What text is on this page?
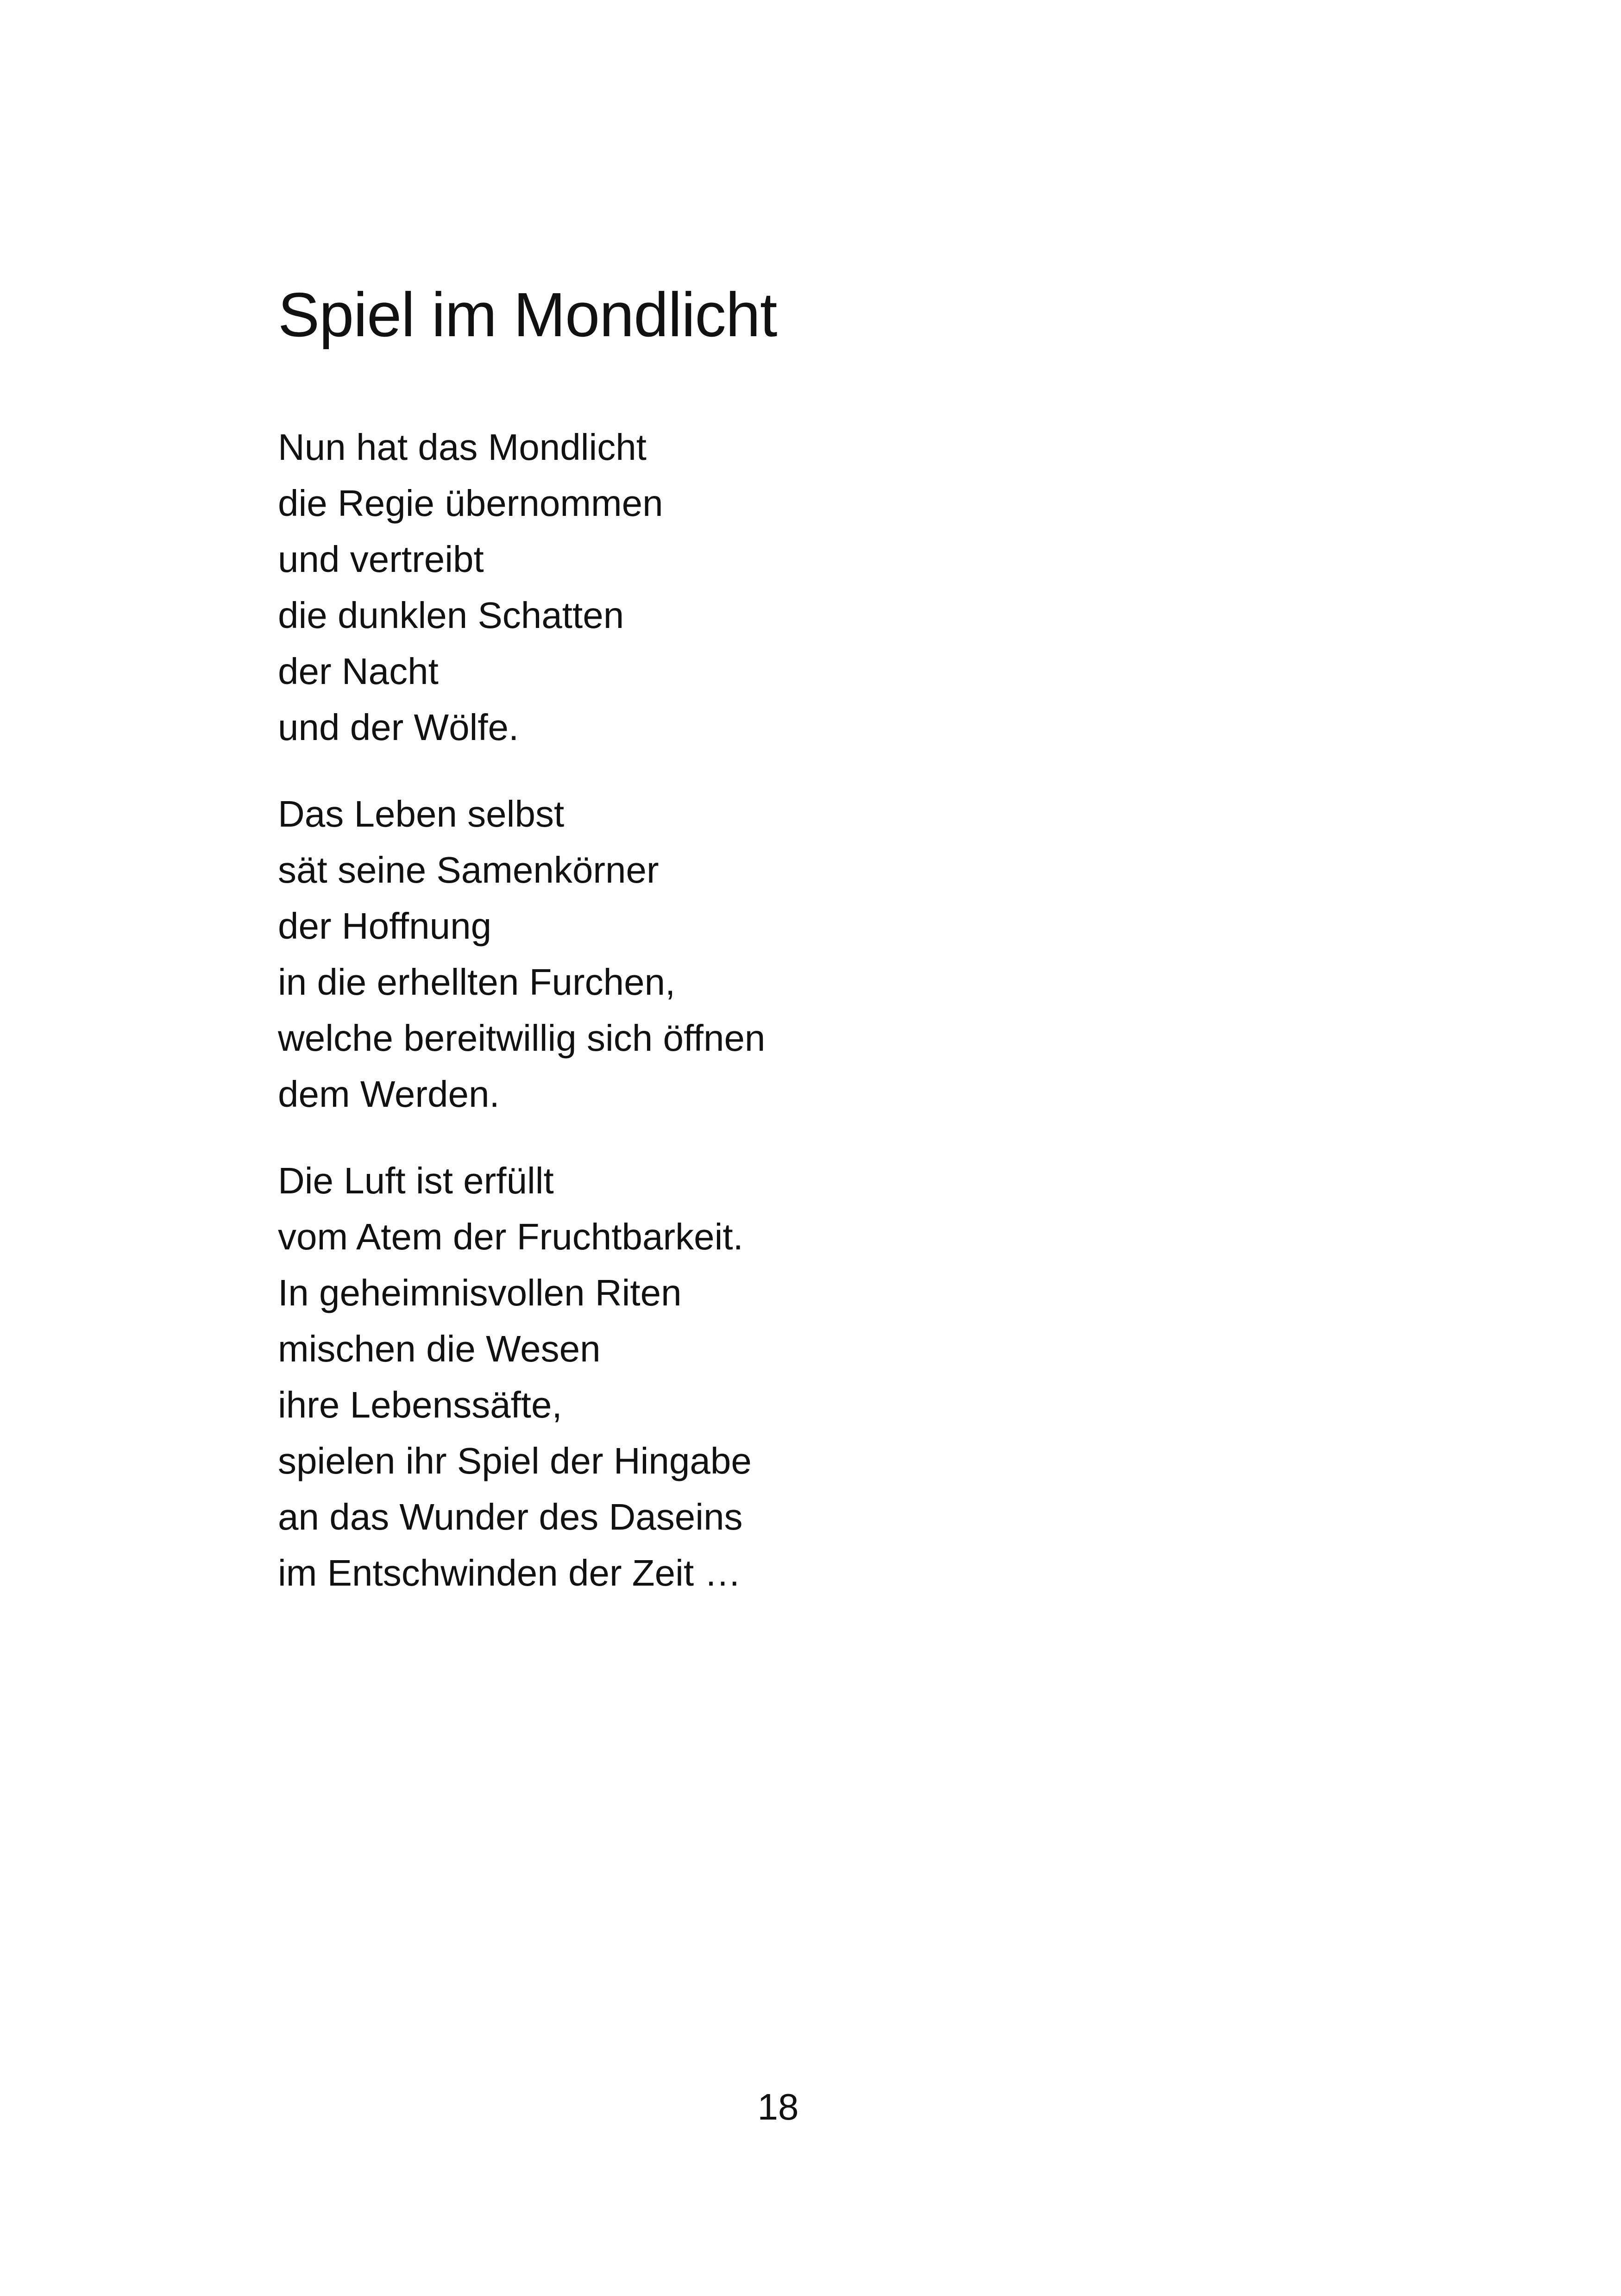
Spiel im Mondlicht
Nun hat das Mondlicht
die Regie übernommen
und vertreibt
die dunklen Schatten
der Nacht
und der Wölfe.
Das Leben selbst
sät seine Samenkörner
der Hoffnung
in die erhellten Furchen,
welche bereitwillig sich öffnen
dem Werden.
Die Luft ist erfüllt
vom Atem der Fruchtbarkeit.
In geheimnisvollen Riten
mischen die Wesen
ihre Lebenssäfte,
spielen ihr Spiel der Hingabe
an das Wunder des Daseins
im Entschwinden der Zeit …
18
